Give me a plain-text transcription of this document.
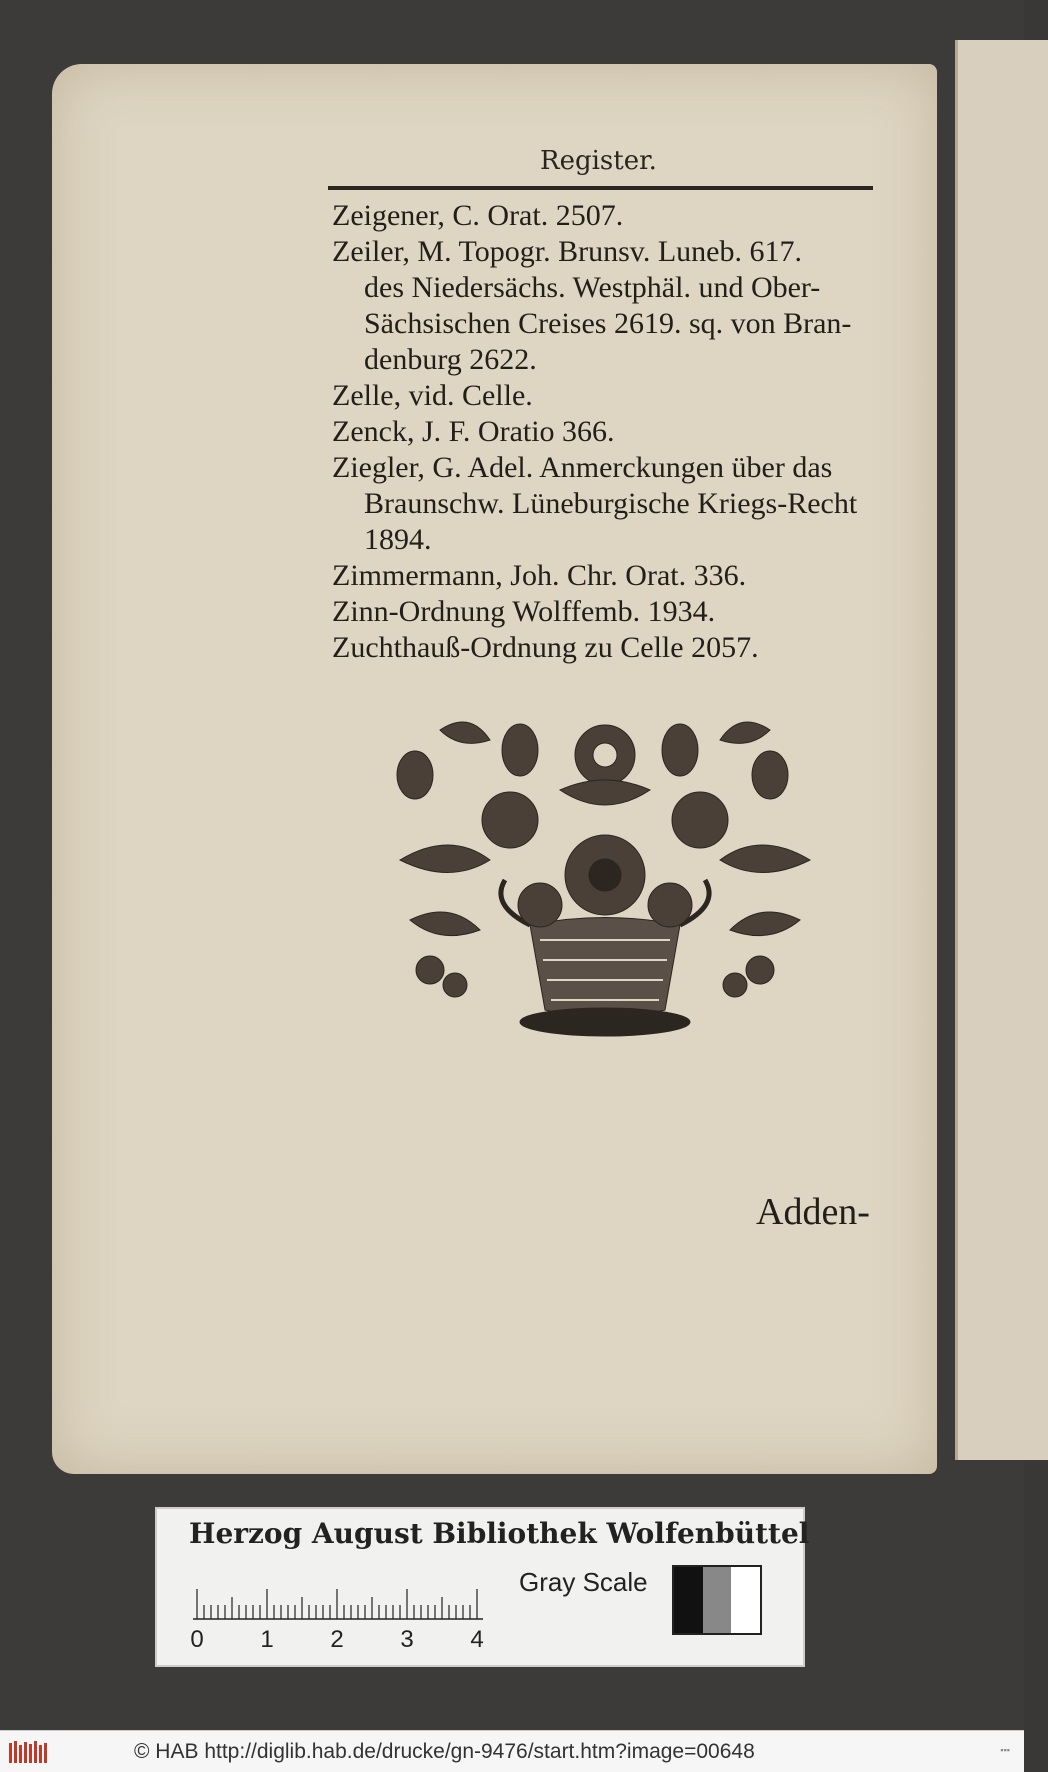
Register.

Zeigener, C. Orat. 2507.

Zeiler, M. Topogr. Brunsv. Luneb. 617.
des Niedersächs. Westphäl. und Ober-
Sächsischen Creises 2619. sq. von Bran-
denburg 2622.

Zelle, vid. Celle.

Zenck, J. F. Oratio 366.

Ziegler, G. Adel. Anmerckungen über das
Braunschw. Lüneburgische Kriegs-Recht
1894.

Zimmermann, Joh. Chr. Orat. 336.

Zinn-Ordnung Wolffemb. 1934.

Zuchthauß-Ordnung zu Celle 2057.

Adden-
Herzog August Bibliothek Wolfenbüttel
0 1 2 3 4
Gray Scale
© HAB http://diglib.hab.de/drucke/gn-9476/start.htm?image=00648	▪▪▪
